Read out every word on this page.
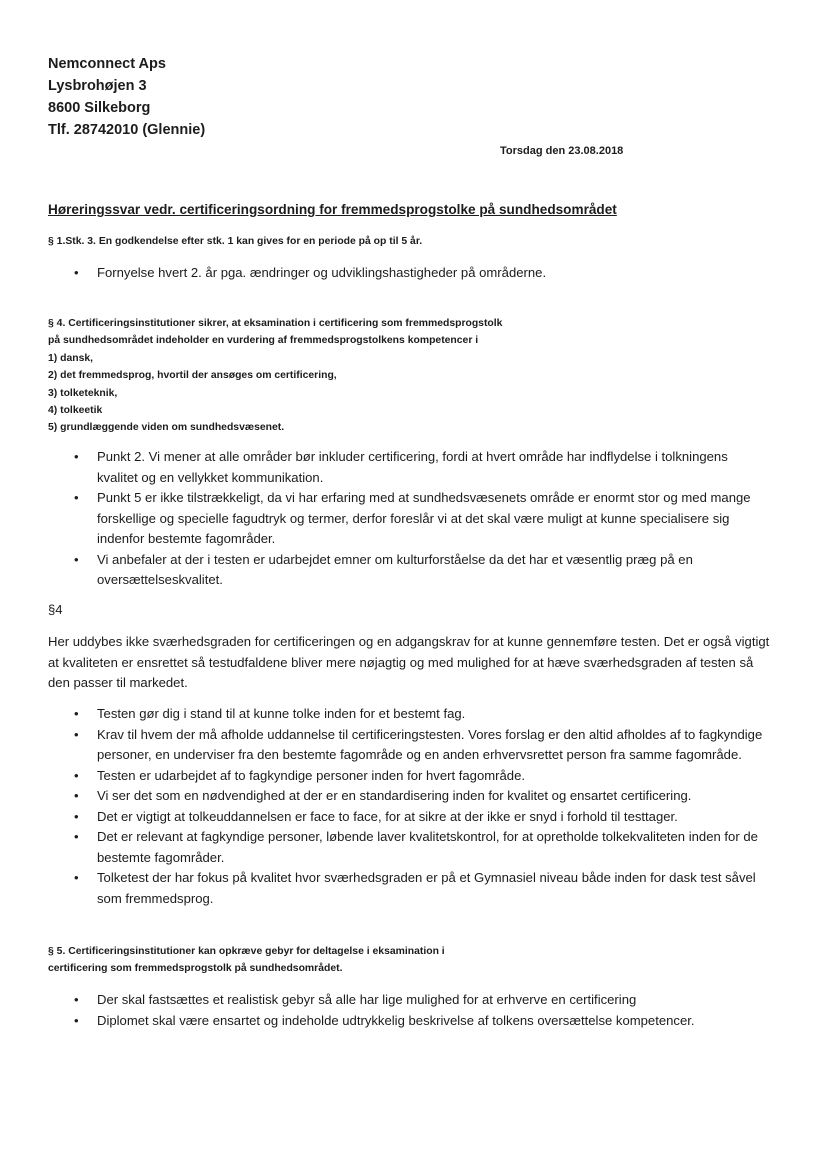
Nemconnect Aps
Lysbrohøjen 3
8600 Silkeborg
Tlf. 28742010 (Glennie)
Torsdag den 23.08.2018
Høreringssvar vedr. certificeringsordning for fremmedsprogstolke på sundhedsområdet
§ 1.Stk. 3. En godkendelse efter stk. 1 kan gives for en periode på op til 5 år.
• Fornyelse hvert 2. år pga. ændringer og udviklingshastigheder på områderne.
§ 4. Certificeringsinstitutioner sikrer, at eksamination i certificering som fremmedsprogstolk
på sundhedsområdet indeholder en vurdering af fremmedsprogstolkens kompetencer i
1) dansk,
2) det fremmedsprog, hvortil der ansøges om certificering,
3) tolketeknik,
4) tolkeetik
5) grundlæggende viden om sundhedsvæsenet.
• Punkt 2. Vi mener at alle områder bør inkluder certificering, fordi at hvert område har indflydelse i tolkningens kvalitet og en vellykket kommunikation.
• Punkt 5 er ikke tilstrækkeligt, da vi har erfaring med at sundhedsvæsenets område er enormt stor og med mange forskellige og specielle fagudtryk og termer, derfor foreslår vi at det skal være muligt at kunne specialisere sig indenfor bestemte fagområder.
• Vi anbefaler at der i testen er udarbejdet emner om kulturforståelse da det har et væsentlig præg på en oversættelseskvalitet.
§4
Her uddybes ikke sværhedsgraden for certificeringen og en adgangskrav for at kunne gennemføre testen. Det er også vigtigt at kvaliteten er ensrettet så testudfaldene bliver mere nøjagtig og med mulighed for at hæve sværhedsgraden af testen så den passer til markedet.
• Testen gør dig i stand til at kunne tolke inden for et bestemt fag.
• Krav til hvem der må afholde uddannelse til certificeringstesten. Vores forslag er den altid afholdes af to fagkyndige personer, en underviser fra den bestemte fagområde og en anden erhvervsrettet person fra samme fagområde.
• Testen er udarbejdet af to fagkyndige personer inden for hvert fagområde.
• Vi ser det som en nødvendighed at der er en standardisering inden for kvalitet og ensartet certificering.
• Det er vigtigt at tolkeuddannelsen er face to face, for at sikre at der ikke er snyd i forhold til testtager.
• Det er relevant at fagkyndige personer, løbende laver kvalitetskontrol, for at opretholde tolkekvaliteten inden for de bestemte fagområder.
• Tolketest der har fokus på kvalitet hvor sværhedsgraden er på et Gymnasiel niveau både inden for dask test såvel som fremmedsprog.
§ 5. Certificeringsinstitutioner kan opkræve gebyr for deltagelse i eksamination i
certificering som fremmedsprogstolk på sundhedsområdet.
• Der skal fastsættes et realistisk gebyr så alle har lige mulighed for at erhverve en certificering
• Diplomet skal være ensartet og indeholde udtrykkelig beskrivelse af tolkens oversættelse kompetencer.
